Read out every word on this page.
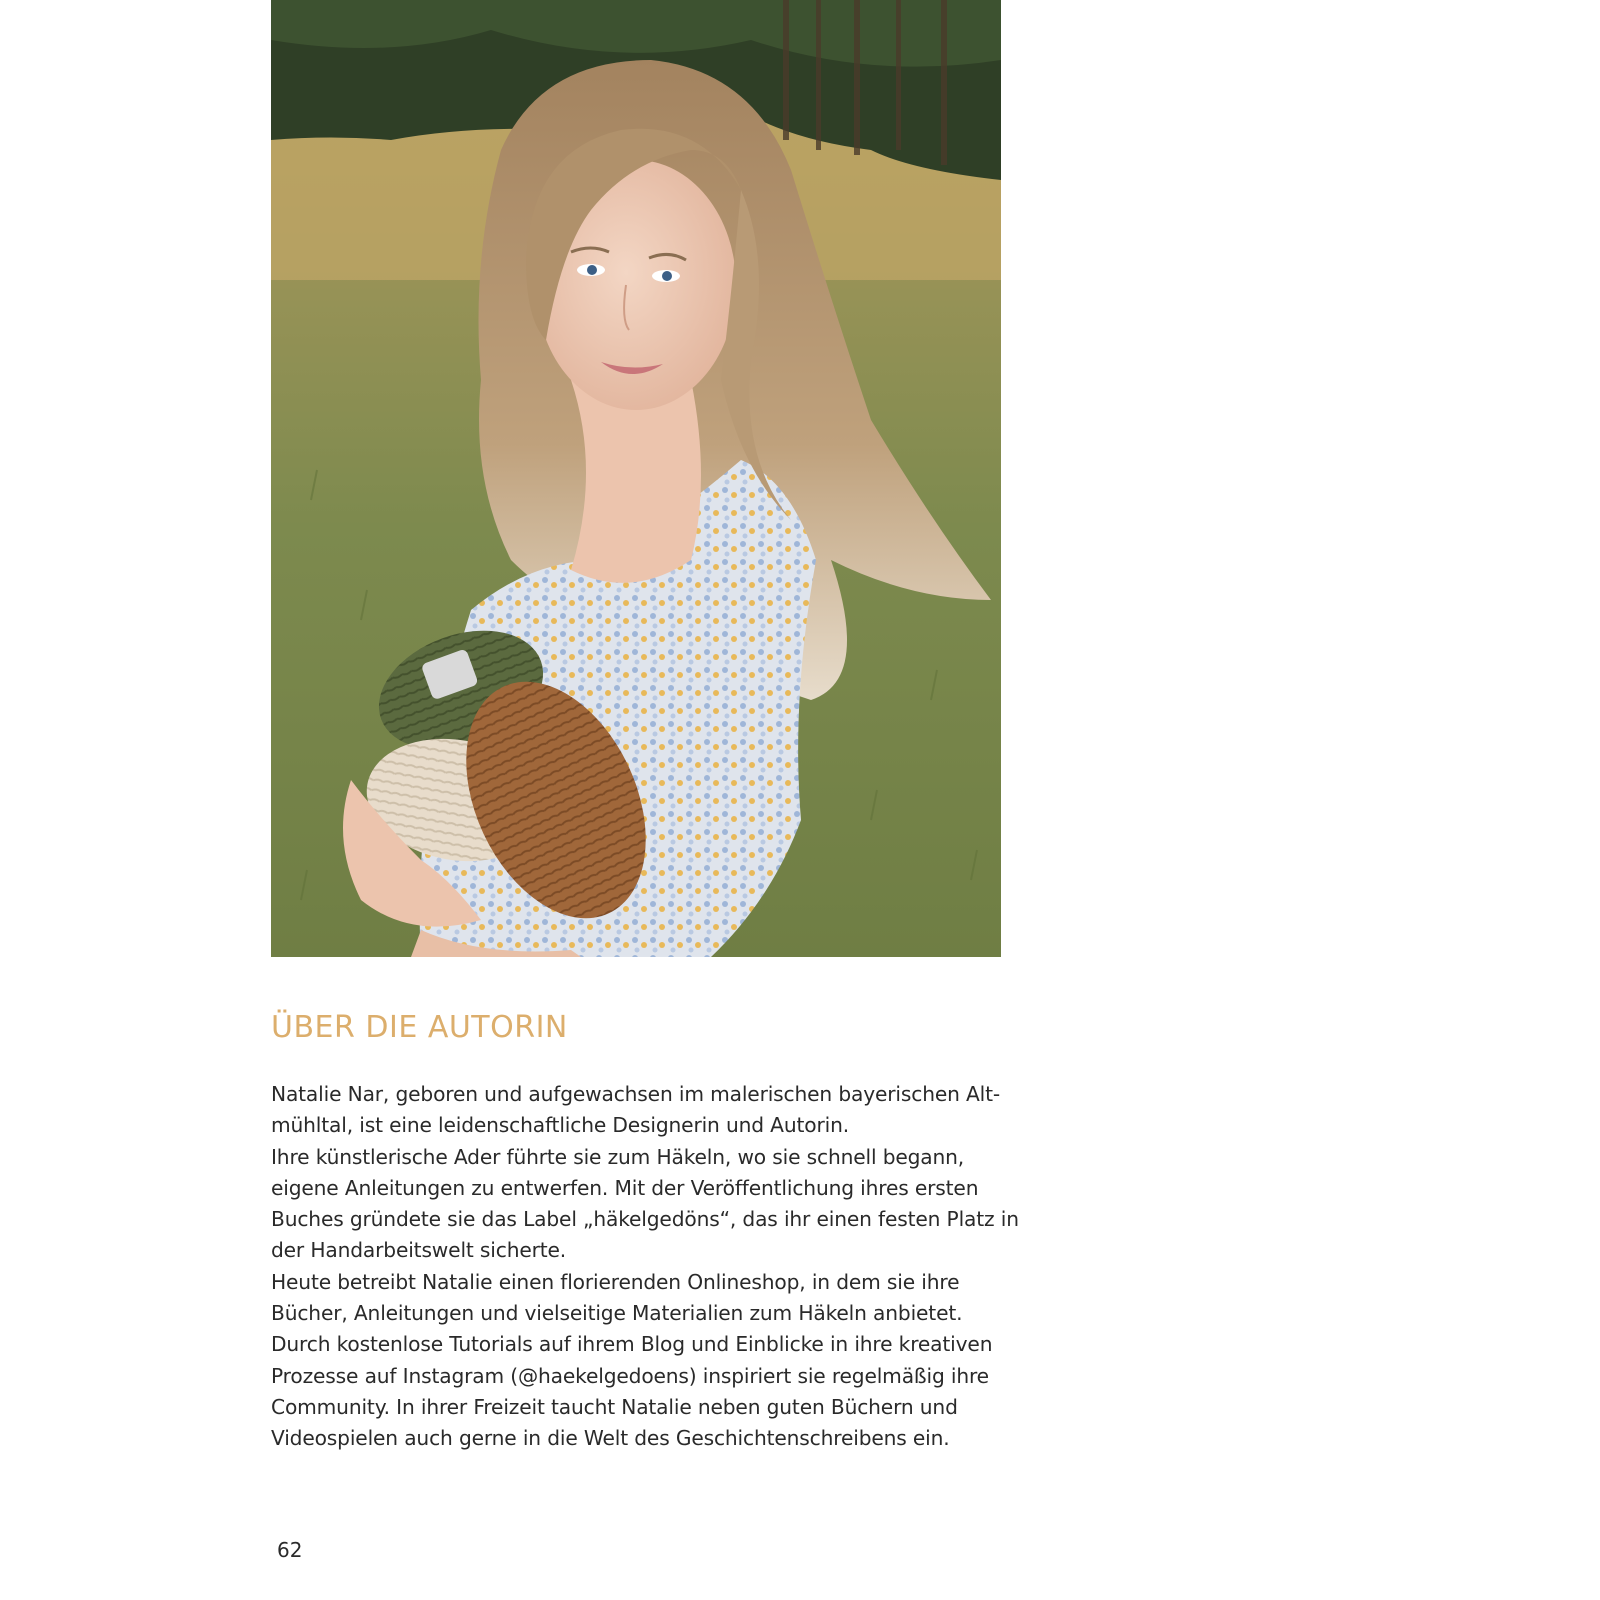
ÜBER DIE AUTORIN
Natalie Nar, geboren und aufgewachsen im malerischen bayerischen Alt-
mühltal, ist eine leidenschaftliche Designerin und Autorin.
Ihre künstlerische Ader führte sie zum Häkeln, wo sie schnell begann,
eigene Anleitungen zu entwerfen. Mit der Veröffentlichung ihres ersten
Buches gründete sie das Label „häkelgedöns“, das ihr einen festen Platz in
der Handarbeitswelt sicherte.
Heute betreibt Natalie einen florierenden Onlineshop, in dem sie ihre
Bücher, Anleitungen und vielseitige Materialien zum Häkeln anbietet.
Durch kostenlose Tutorials auf ihrem Blog und Einblicke in ihre kreativen
Prozesse auf Instagram (@haekelgedoens) inspiriert sie regelmäßig ihre
Community. In ihrer Freizeit taucht Natalie neben guten Büchern und
Videospielen auch gerne in die Welt des Geschichtenschreibens ein.
62
